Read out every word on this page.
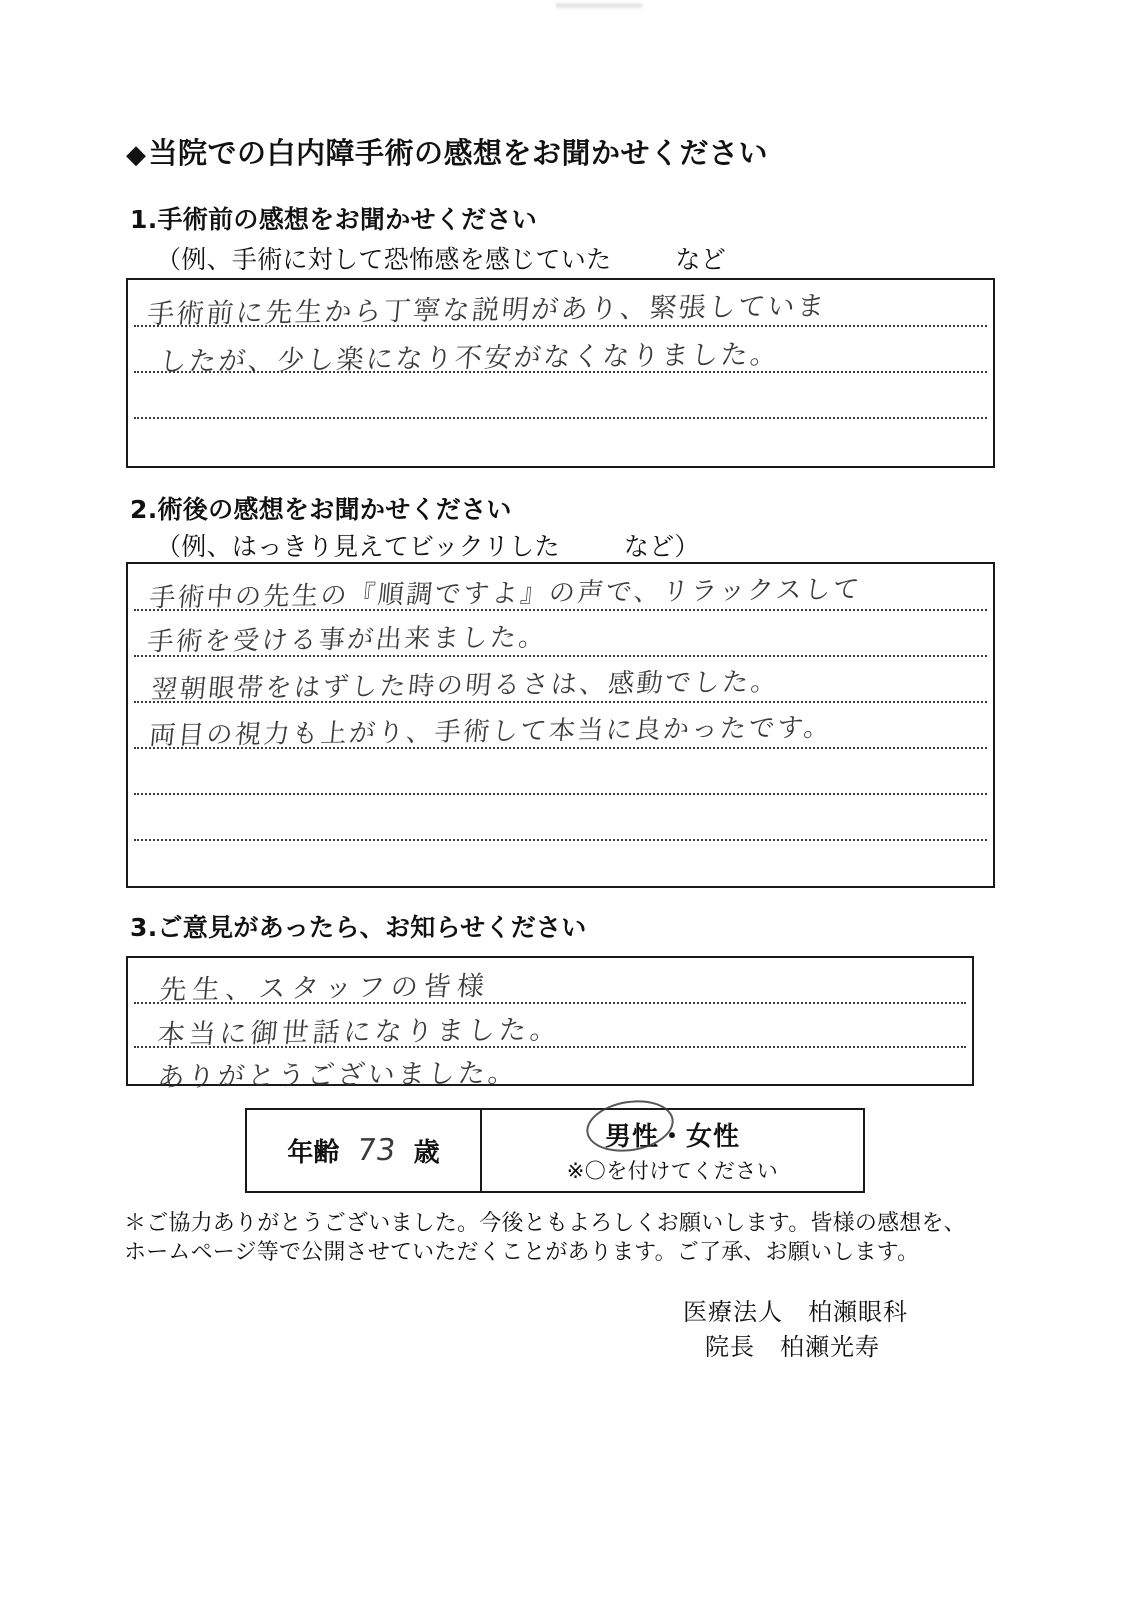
◆当院での白内障手術の感想をお聞かせください
1.手術前の感想をお聞かせください
（例、手術に対して恐怖感を感じていた	など
手術前に先生から丁寧な説明があり、緊張していま
したが、少し楽になり不安がなくなりました。
2.術後の感想をお聞かせください
（例、はっきり見えてビックリした	など）
手術中の先生の『順調ですよ』の声で、リラックスして
手術を受ける事が出来ました。
翌朝眼帯をはずした時の明るさは、感動でした。
両目の視力も上がり、手術して本当に良かったです。
3.ご意見があったら、お知らせください
先生、スタッフの皆様
本当に御世話になりました。
ありがとうございました。
年齢 73 歳
男性・女性
※〇を付けてください
＊ご協力ありがとうございました。今後ともよろしくお願いします。皆様の感想を、
ホームページ等で公開させていただくことがあります。ご了承、お願いします。
医療法人　柏瀬眼科
院長　柏瀬光寿
